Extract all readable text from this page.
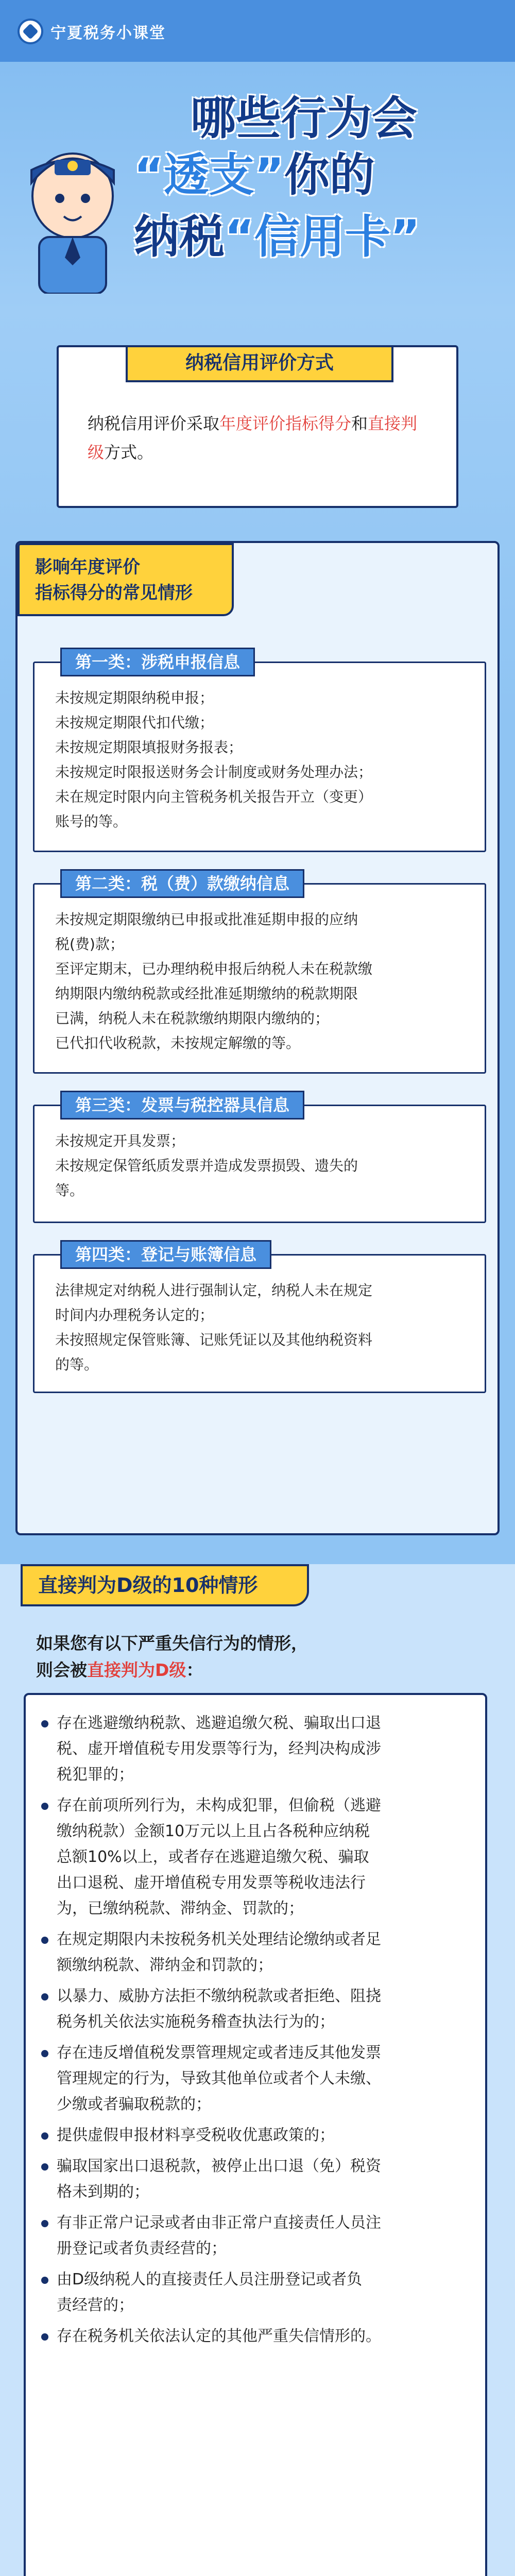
宁夏税务小课堂
哪些行为会
“透支”你的
纳税“信用卡”
纳税信用评价方式
纳税信用评价采取年度评价指标得分和直接判级方式。
影响年度评价
指标得分的常见情形
第一类：涉税申报信息
未按规定期限纳税申报；
未按规定期限代扣代缴；
未按规定期限填报财务报表；
未按规定时限报送财务会计制度或财务处理办法；
未在规定时限内向主管税务机关报告开立（变更）
账号的等。
第二类：税（费）款缴纳信息
未按规定期限缴纳已申报或批准延期申报的应纳
税(费)款；
至评定期末，已办理纳税申报后纳税人未在税款缴
纳期限内缴纳税款或经批准延期缴纳的税款期限
已满，纳税人未在税款缴纳期限内缴纳的；
已代扣代收税款，未按规定解缴的等。
第三类：发票与税控器具信息
未按规定开具发票；
未按规定保管纸质发票并造成发票损毁、遗失的
等。
第四类：登记与账簿信息
法律规定对纳税人进行强制认定，纳税人未在规定
时间内办理税务认定的；
未按照规定保管账簿、记账凭证以及其他纳税资料
的等。
直接判为D级的10种情形
如果您有以下严重失信行为的情形，
则会被直接判为D级：
存在逃避缴纳税款、逃避追缴欠税、骗取出口退
税、虚开增值税专用发票等行为，经判决构成涉
税犯罪的；
存在前项所列行为，未构成犯罪，但偷税（逃避
缴纳税款）金额10万元以上且占各税种应纳税
总额10%以上，或者存在逃避追缴欠税、骗取
出口退税、虚开增值税专用发票等税收违法行
为，已缴纳税款、滞纳金、罚款的；
在规定期限内未按税务机关处理结论缴纳或者足
额缴纳税款、滞纳金和罚款的；
以暴力、威胁方法拒不缴纳税款或者拒绝、阻挠
税务机关依法实施税务稽查执法行为的；
存在违反增值税发票管理规定或者违反其他发票
管理规定的行为，导致其他单位或者个人未缴、
少缴或者骗取税款的；
提供虚假申报材料享受税收优惠政策的；
骗取国家出口退税款，被停止出口退（免）税资
格未到期的；
有非正常户记录或者由非正常户直接责任人员注
册登记或者负责经营的；
由D级纳税人的直接责任人员注册登记或者负
责经营的；
存在税务机关依法认定的其他严重失信情形的。
